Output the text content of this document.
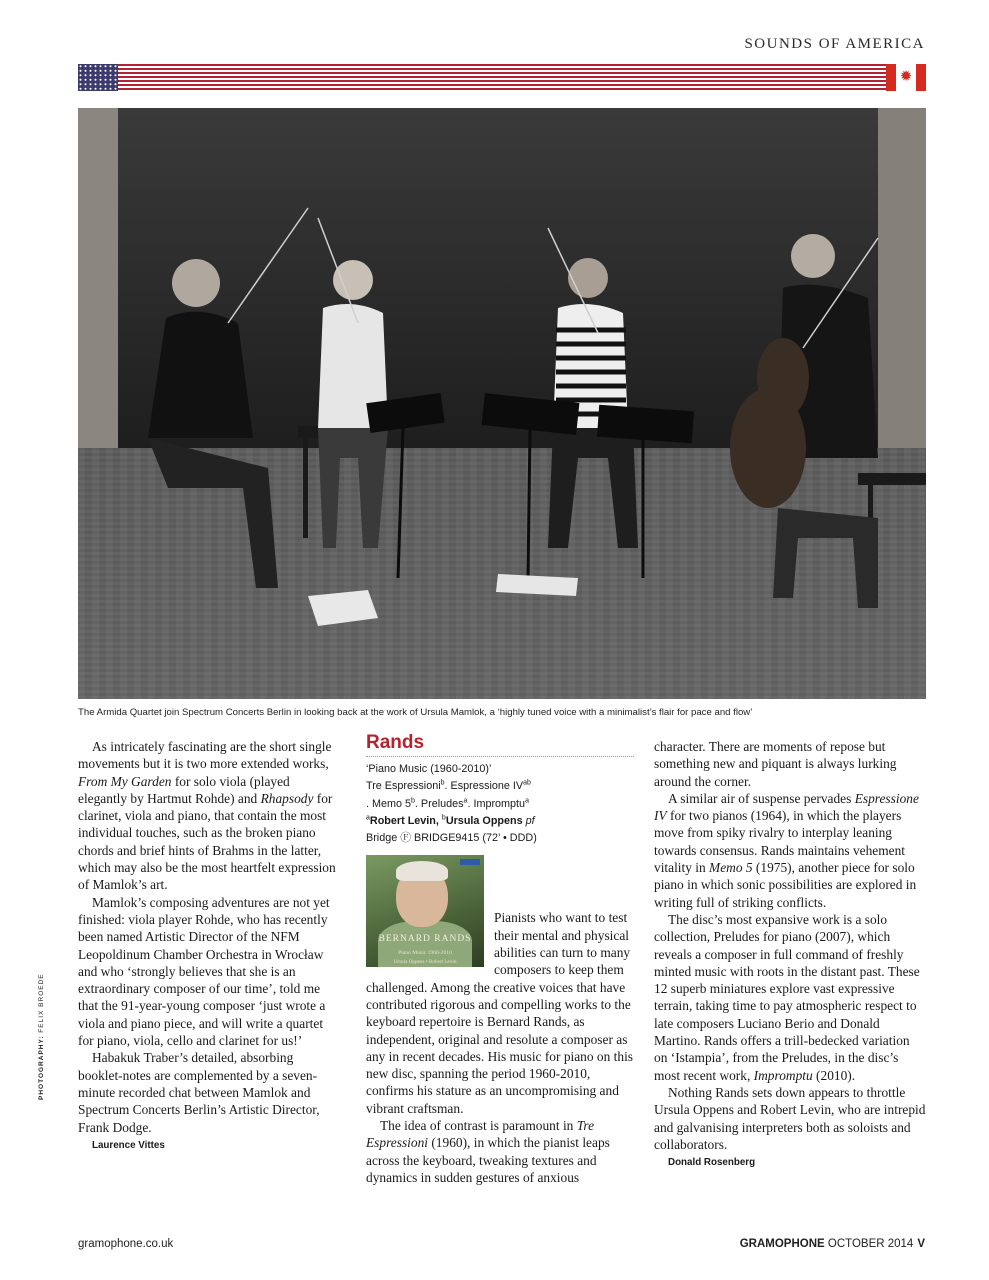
SOUNDS OF AMERICA
✹
The Armida Quartet join Spectrum Concerts Berlin in looking back at the work of Ursula Mamlok, a ‘highly tuned voice with a minimalist’s flair for pace and flow’
PHOTOGRAPHY: FELIX BROEDE

As intricately fascinating are the short single movements but it is two more extended works, From My Garden for solo viola (played elegantly by Hartmut Rohde) and Rhapsody for clarinet, viola and piano, that contain the most individual touches, such as the broken piano chords and brief hints of Brahms in the latter, which may also be the most heartfelt expression of Mamlok’s art.

Mamlok’s composing adventures are not yet finished: viola player Rohde, who has recently been named Artistic Director of the NFM Leopoldinum Chamber Orchestra in Wrocław and who ‘strongly believes that she is an extraordinary composer of our time’, told me that the 91-year-young composer ‘just wrote a viola and piano piece, and will write a quartet for piano, viola, cello and clarinet for us!’

Habakuk Traber’s detailed, absorbing booklet-notes are complemented by a seven-minute recorded chat between Mamlok and Spectrum Concerts Berlin’s Artistic Director, Frank Dodge.

Laurence Vittes

Rands
‘Piano Music (1960-2010)’
Tre Espressioni$^b$. Espressione $IV^{ab}$
. Memo 5$^b$. Preludes$^a$. Impromptu$^a$
$^a$Robert Levin, $^b$Ursula Oppens pf
Bridge Ⓕ BRIDGE9415 (72’ • DDD)
BERNARD RANDS
Piano Music 1960-2010
Ursula Oppens • Robert Levin

Pianists who want to test their mental and physical abilities can turn to many composers to keep them challenged. Among the creative voices that have contributed rigorous and compelling works to the keyboard repertoire is Bernard Rands, as independent, original and resolute a composer as any in recent decades. His music for piano on this new disc, spanning the period 1960-2010, confirms his stature as an uncompromising and vibrant craftsman.

The idea of contrast is paramount in Tre Espressioni (1960), in which the pianist leaps across the keyboard, tweaking textures and dynamics in sudden gestures of anxious

character. There are moments of repose but something new and piquant is always lurking around the corner.

A similar air of suspense pervades Espressione IV for two pianos (1964), in which the players move from spiky rivalry to interplay leaning towards consensus. Rands maintains vehement vitality in Memo 5 (1975), another piece for solo piano in which sonic possibilities are explored in writing full of striking conflicts.

The disc’s most expansive work is a solo collection, Preludes for piano (2007), which reveals a composer in full command of freshly minted music with roots in the distant past. These 12 superb miniatures explore vast expressive terrain, taking time to pay atmospheric respect to late composers Luciano Berio and Donald Martino. Rands offers a trill-bedecked variation on ‘Istampia’, from the Preludes, in the disc’s most recent work, Impromptu (2010).

Nothing Rands sets down appears to throttle Ursula Oppens and Robert Levin, who are intrepid and galvanising interpreters both as soloists and collaborators.

Donald Rosenberg

gramophone.co.uk	GRAMOPHONE OCTOBER 2014 V
